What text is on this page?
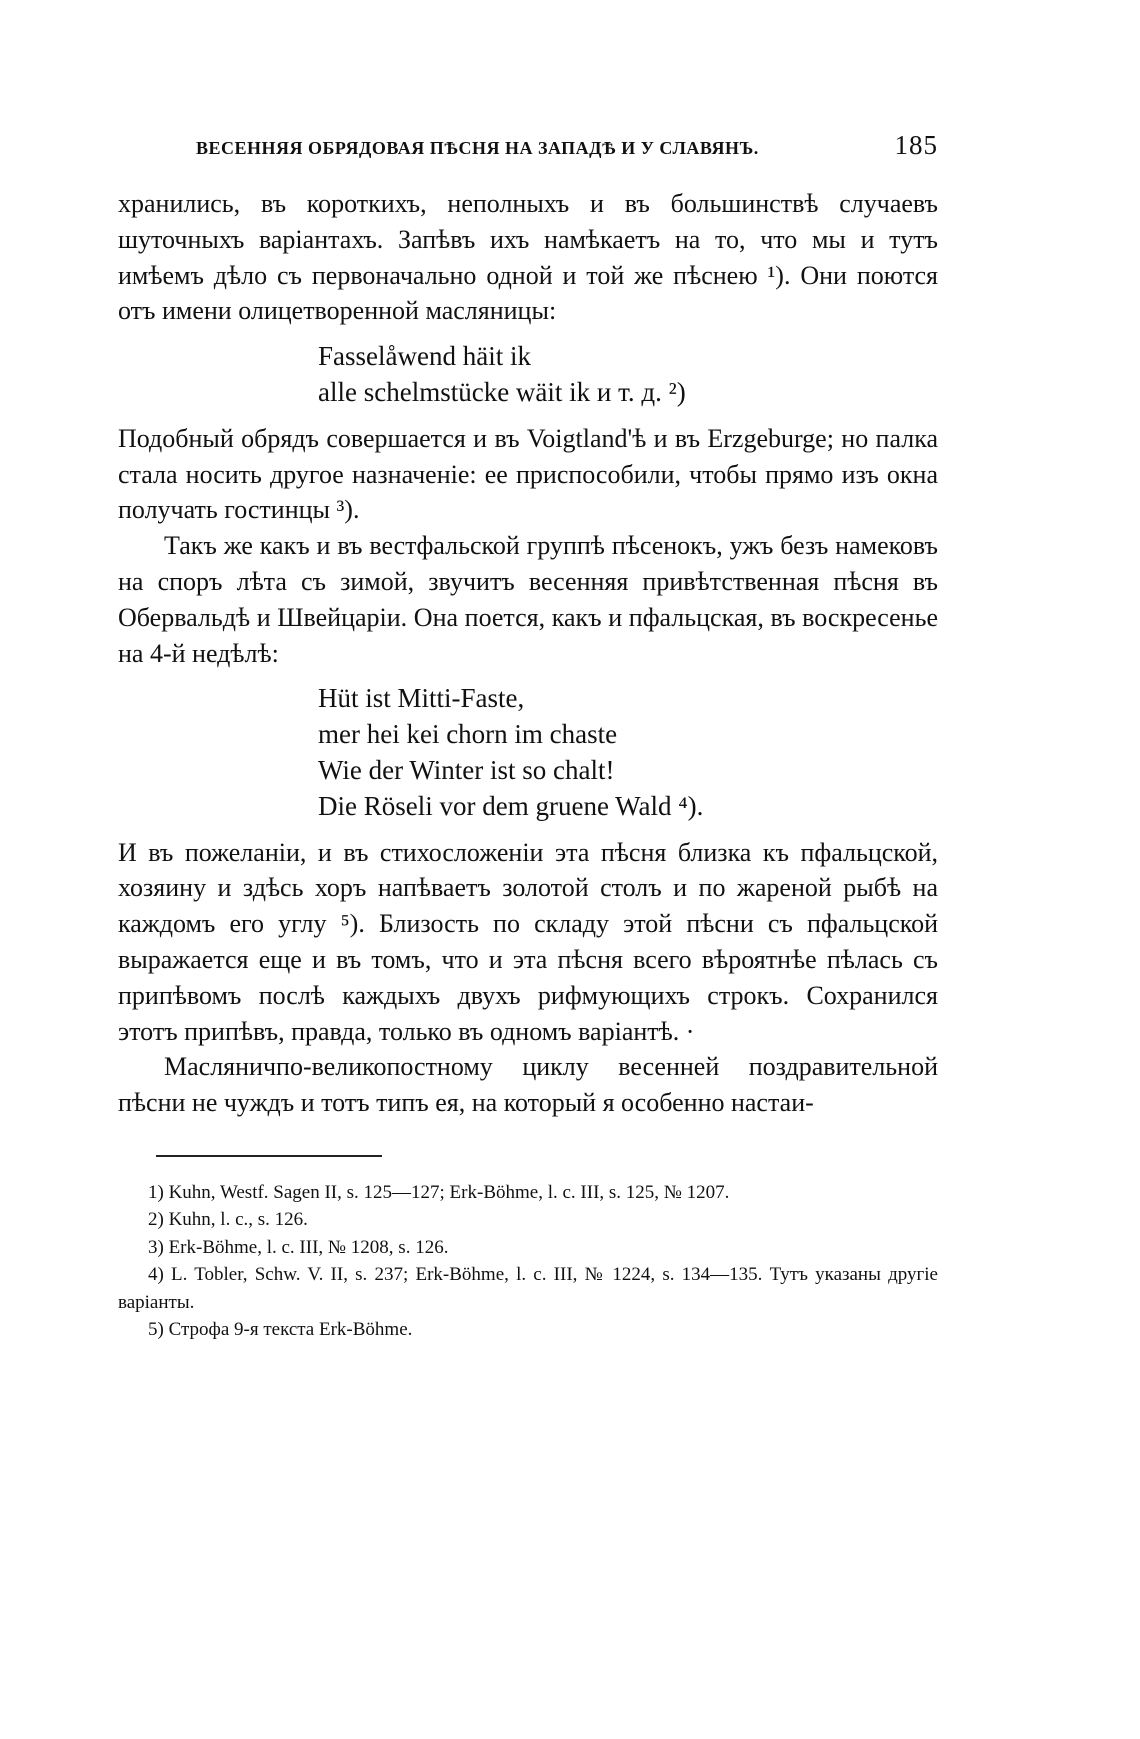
ВЕСЕННЯЯ ОБРЯДОВАЯ ПѢСНЯ НА ЗАПАДѢ И У СЛАВЯНЪ.	185

хранились, въ короткихъ, неполныхъ и въ большинствѣ случаевъ шуточныхъ варіантахъ. Запѣвъ ихъ намѣкаетъ на то, что мы и тутъ имѣемъ дѣло съ первоначально одной и той же пѣснею ¹). Они поются отъ имени олицетворенной масляницы:

Fasselåwend häit ik
alle schelmstücke wäit ik и т. д. ²)

Подобный обрядъ совершается и въ Voigtland'ѣ и въ Erzgeburge; но палка стала носить другое назначеніе: ее приспособили, чтобы прямо изъ окна получать гостинцы ³).

Такъ же какъ и въ вестфальской группѣ пѣсенокъ, ужъ безъ намековъ на споръ лѣта съ зимой, звучитъ весенняя привѣтственная пѣсня въ Обервальдѣ и Швейцаріи. Она поется, какъ и пфальцская, въ воскресенье на 4-й недѣлѣ:

Hüt ist Mitti-Faste,
mer hei kei chorn im chaste
Wie der Winter ist so chalt!
Die Röseli vor dem gruene Wald ⁴).

И въ пожеланіи, и въ стихосложеніи эта пѣсня близка къ пфальцской, хозяину и здѣсь хоръ напѣваетъ золотой столъ и по жареной рыбѣ на каждомъ его углу ⁵). Близость по складу этой пѣсни съ пфальцской выражается еще и въ томъ, что и эта пѣсня всего вѣроятнѣе пѣлась съ припѣвомъ послѣ каждыхъ двухъ рифмующихъ строкъ. Сохранился этотъ припѣвъ, правда, только въ одномъ варіантѣ. ·

Масляничпо-великопостному циклу весенней поздравительной пѣсни не чуждъ и тотъ типъ ея, на который я особенно настаи-

1) Kuhn, Westf. Sagen II, s. 125—127; Erk-Böhme, l. c. III, s. 125, № 1207.

2) Kuhn, l. c., s. 126.

3) Erk-Böhme, l. c. III, № 1208, s. 126.

4) L. Tobler, Schw. V. II, s. 237; Erk-Böhme, l. c. III, № 1224, s. 134—135. Тутъ указаны другіе варіанты.

5) Строфа 9-я текста Erk-Böhme.
